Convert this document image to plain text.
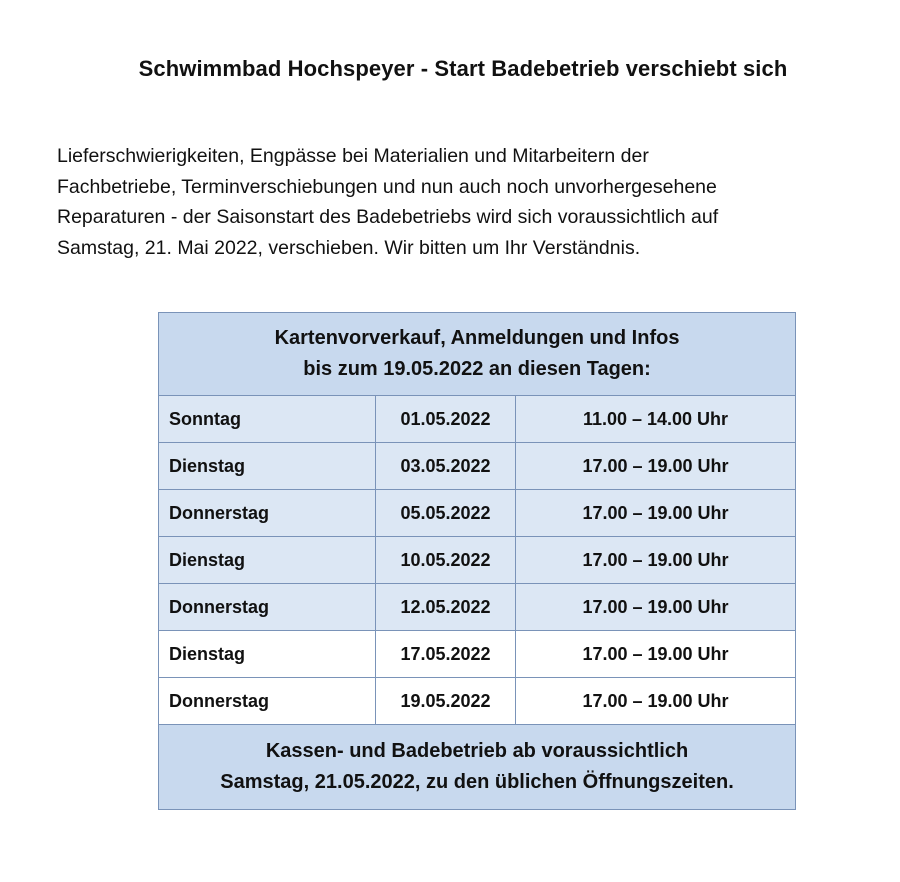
Schwimmbad Hochspeyer - Start Badebetrieb verschiebt sich

Lieferschwierigkeiten, Engpässe bei Materialien und Mitarbeitern der
Fachbetriebe, Terminverschiebungen und nun auch noch unvorhergesehene
Reparaturen - der Saisonstart des Badebetriebs wird sich voraussichtlich auf
Samstag, 21. Mai 2022, verschieben. Wir bitten um Ihr Verständnis.

Kartenvorverkauf, Anmeldungen und Infos
bis zum 19.05.2022 an diesen Tagen:		

Sonntag	01.05.2022	11.00 – 14.00 Uhr
Dienstag	03.05.2022	17.00 – 19.00 Uhr
Donnerstag	05.05.2022	17.00 – 19.00 Uhr
Dienstag	10.05.2022	17.00 – 19.00 Uhr
Donnerstag	12.05.2022	17.00 – 19.00 Uhr
Dienstag	17.05.2022	17.00 – 19.00 Uhr
Donnerstag	19.05.2022	17.00 – 19.00 Uhr

Kassen- und Badebetrieb ab voraussichtlich
Samstag, 21.05.2022, zu den üblichen Öffnungszeiten.		
